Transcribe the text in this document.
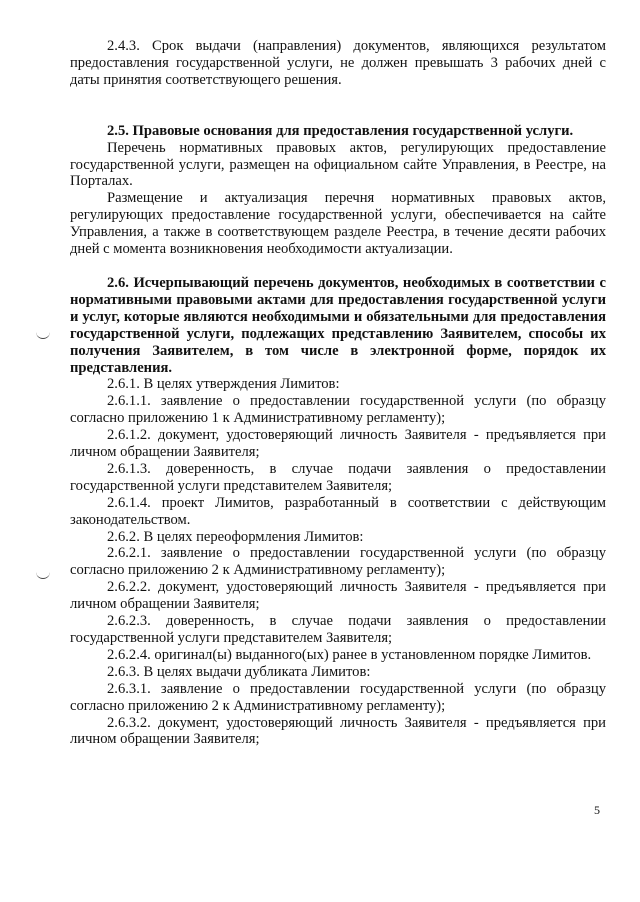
2.4.3. Срок выдачи (направления) документов, являющихся результатом предоставления государственной услуги, не должен превышать 3 рабочих дней с даты принятия соответствующего решения.

2.5. Правовые основания для предоставления государственной услуги.

Перечень нормативных правовых актов, регулирующих предоставление государственной услуги, размещен на официальном сайте Управления, в Реестре, на Порталах.

Размещение и актуализация перечня нормативных правовых актов, регулирующих предоставление государственной услуги, обеспечивается на сайте Управления, а также в соответствующем разделе Реестра, в течение десяти рабочих дней с момента возникновения необходимости актуализации.

2.6. Исчерпывающий перечень документов, необходимых в соответствии с нормативными правовыми актами для предоставления государственной услуги и услуг, которые являются необходимыми и обязательными для предоставления государственной услуги, подлежащих представлению Заявителем, способы их получения Заявителем, в том числе в электронной форме, порядок их представления.

2.6.1. В целях утверждения Лимитов:

2.6.1.1. заявление о предоставлении государственной услуги (по образцу согласно приложению 1 к Административному регламенту);

2.6.1.2. документ, удостоверяющий личность Заявителя - предъявляется при личном обращении Заявителя;

2.6.1.3. доверенность, в случае подачи заявления о предоставлении государственной услуги представителем Заявителя;

2.6.1.4. проект Лимитов, разработанный в соответствии с действующим законодательством.

2.6.2. В целях переоформления Лимитов:

2.6.2.1. заявление о предоставлении государственной услуги (по образцу согласно приложению 2 к Административному регламенту);

2.6.2.2. документ, удостоверяющий личность Заявителя - предъявляется при личном обращении Заявителя;

2.6.2.3. доверенность, в случае подачи заявления о предоставлении государственной услуги представителем Заявителя;

2.6.2.4. оригинал(ы) выданного(ых) ранее в установленном порядке Лимитов.

2.6.3. В целях выдачи дубликата Лимитов:

2.6.3.1. заявление о предоставлении государственной услуги (по образцу согласно приложению 2 к Административному регламенту);

2.6.3.2. документ, удостоверяющий личность Заявителя - предъявляется при личном обращении Заявителя;

5
